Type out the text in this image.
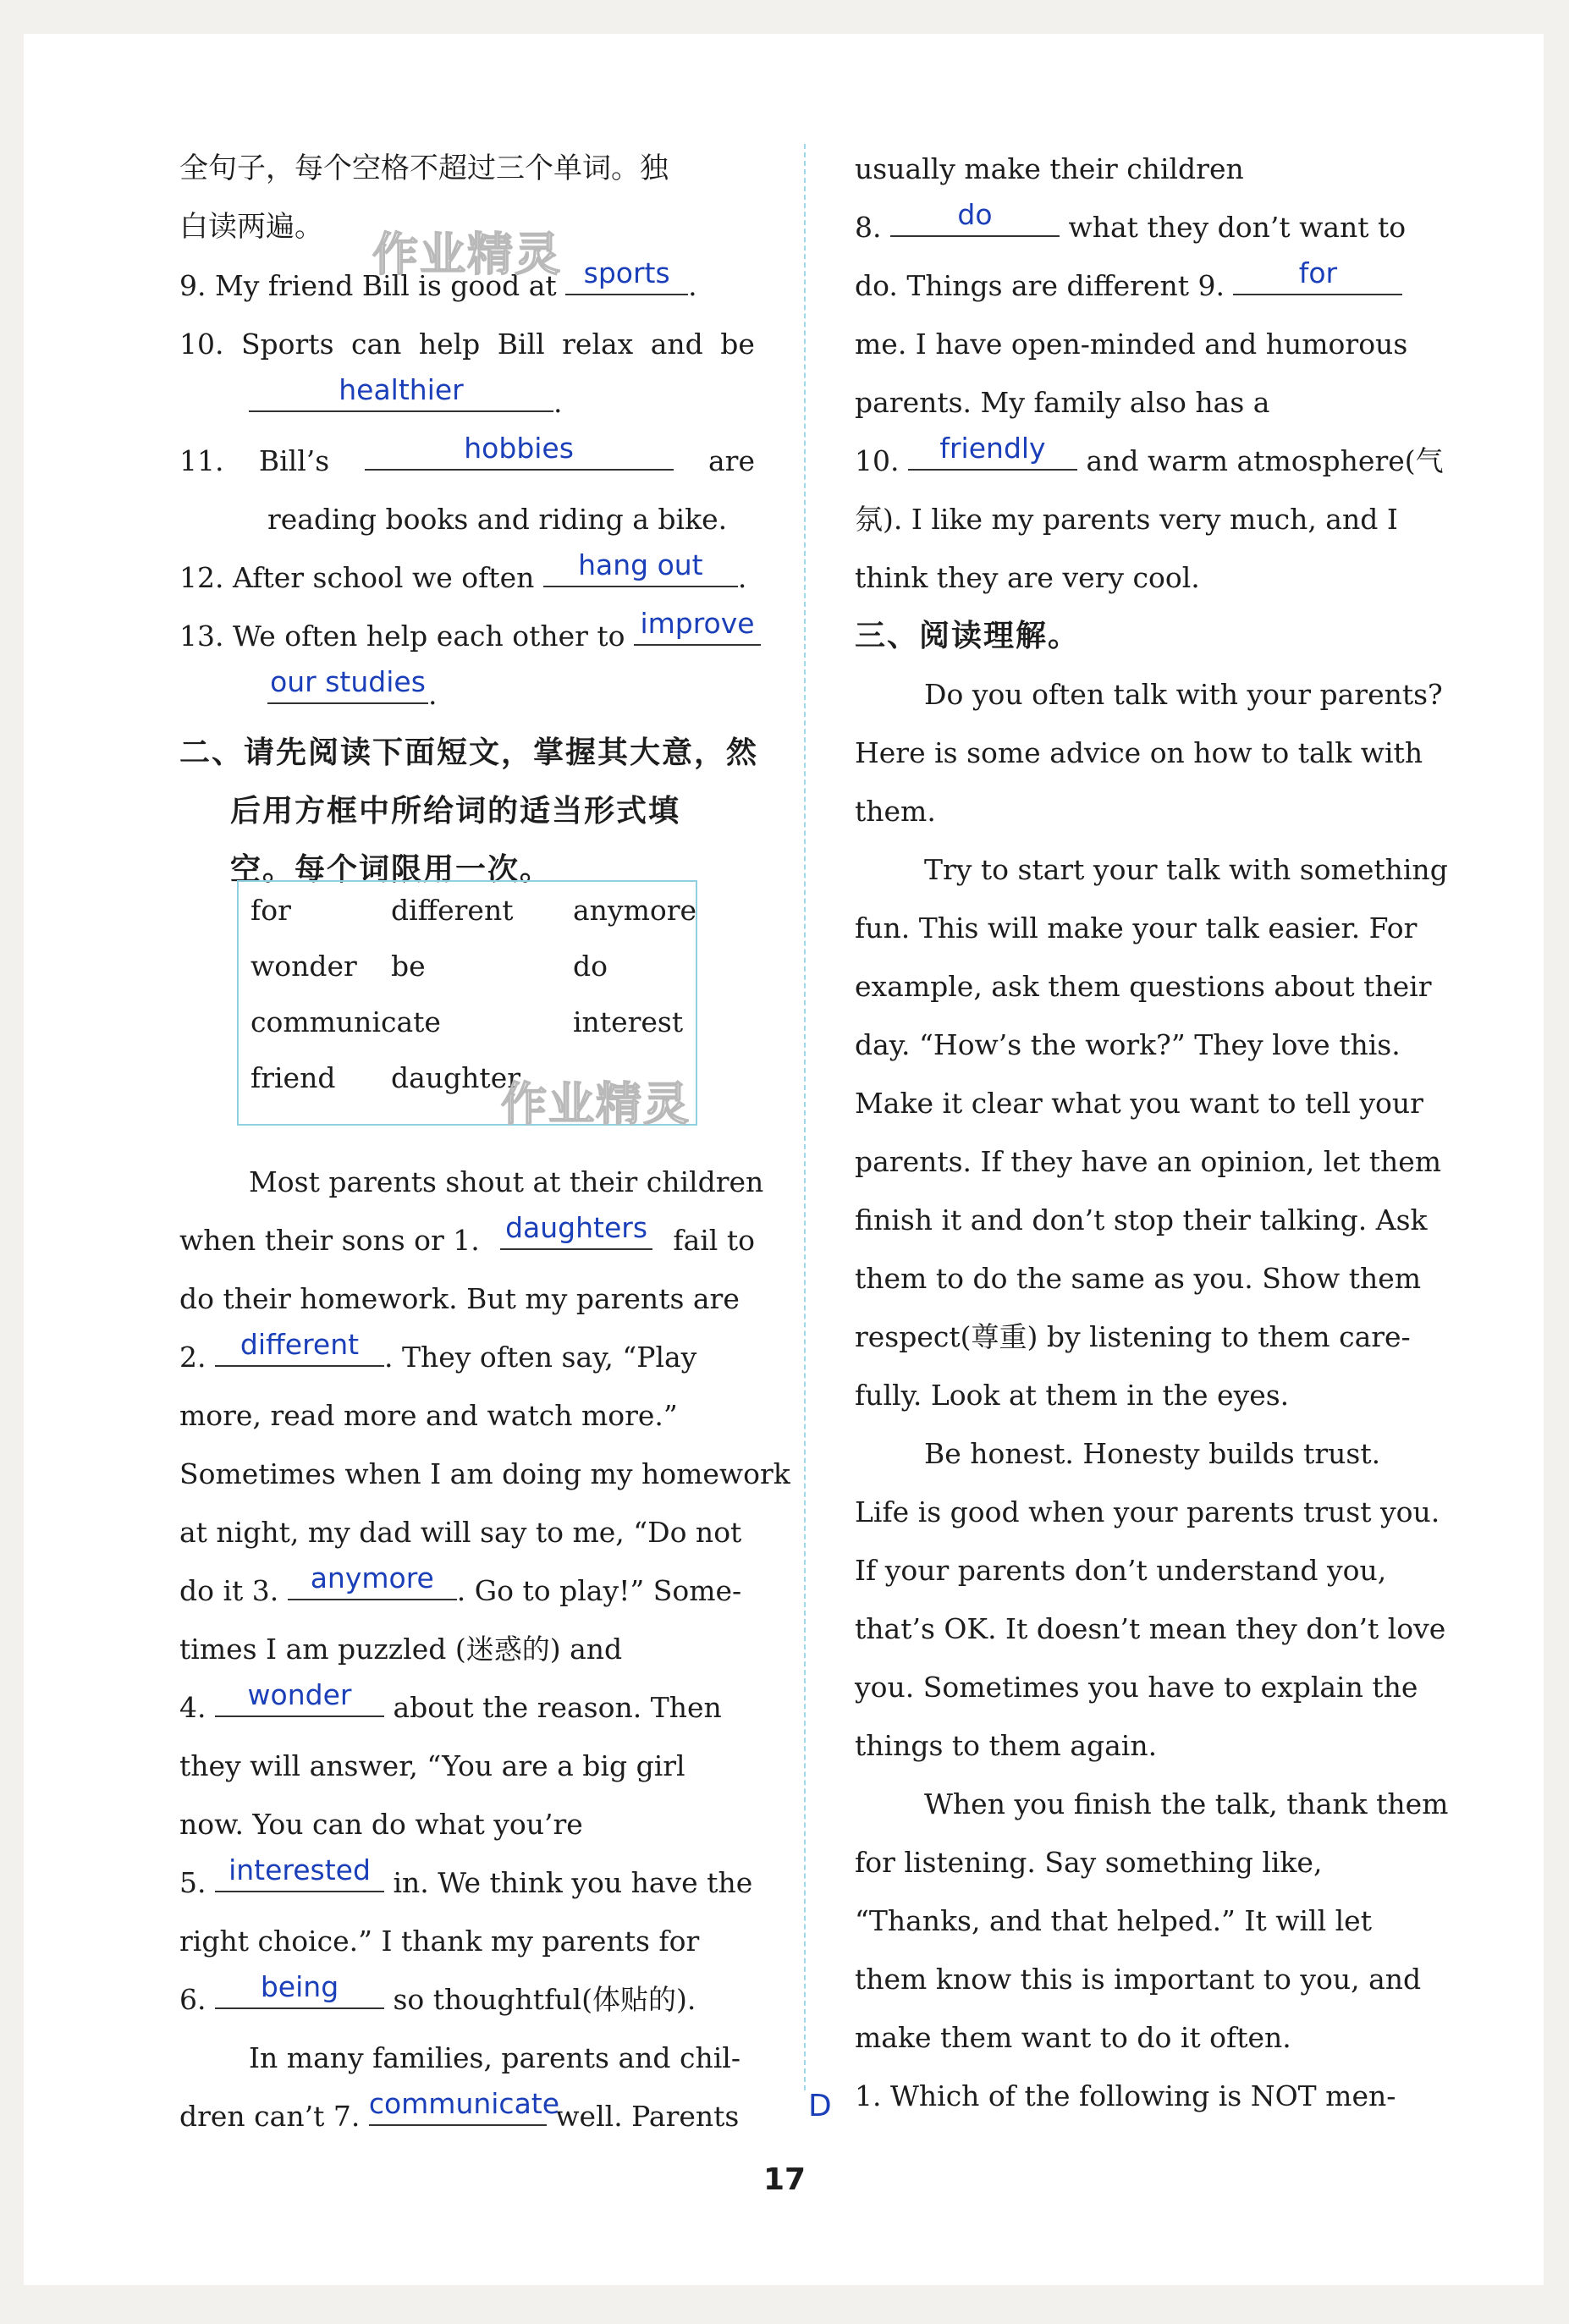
全句子，每个空格不超过三个单词。独
白读两遍。
9. My friend Bill is good at sports .
10. Sports can help Bill relax and be
healthier	.
11. Bill’s	hobbies	are
reading books and riding a bike.
12. After school we often	hang out	.
13. We often help each other to improve
our studies .
二、请先阅读下面短文，掌握其大意，然
后用方框中所给词的适当形式填
空。每个词限用一次。
for	different anymore
wonder be	do
communicate	interest
friend daughter
Most parents shout at their children
when their sons or 1. daughters fail to
do their homework. But my parents are
2.	different . They often say, “Play
more, read more and watch more.”
Sometimes when I am doing my homework
at night, my dad will say to me, “Do not
do it 3.	anymore . Go to play!” Some-
times I am puzzled (迷惑的) and
4.	wonder	about the reason. Then
they will answer, “You are a big girl
now. You can do what you’re
5. interested in. We think you have the
right choice.” I thank my parents for
6.	being	so thoughtful(体贴的).
In many families, parents and chil-
dren can’t 7. communicate
well. Parents
usually make their children
8.	do	what they don’t want to
do. Things are different 9.	for
me. I have open-minded and humorous
parents. My family also has a
10.	friendly	and warm atmosphere(气
氛). I like my parents very much, and I
think they are very cool.
三、阅读理解。
Do you often talk with your parents?
Here is some advice on how to talk with
them.
Try to start your talk with something
fun. This will make your talk easier. For
example, ask them questions about their
day. “How’s the work?” They love this.
Make it clear what you want to tell your
parents. If they have an opinion, let them
finish it and don’t stop their talking. Ask
them to do the same as you. Show them
respect(尊重) by listening to them care-
fully. Look at them in the eyes.
Be honest. Honesty builds trust.
Life is good when your parents trust you.
If your parents don’t understand you,
that’s OK. It doesn’t mean they don’t love
you. Sometimes you have to explain the
things to them again.
When you finish the talk, thank them
for listening. Say something like,
“Thanks, and that helped.” It will let
them know this is important to you, and
make them want to do it often.
1. Which of the following is NOT men-
D
作业精灵
作业精灵
17
